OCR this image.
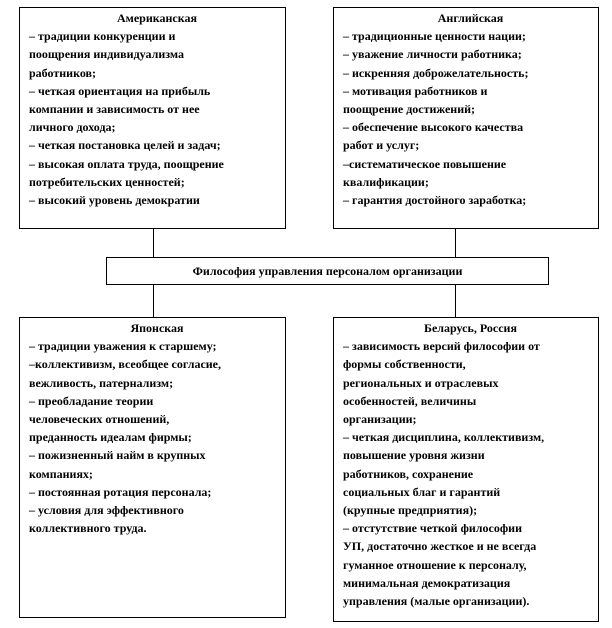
Американская
– традиции конкуренции и
поощрения индивидуализма
работников;
– четкая ориентация на прибыль
компании и зависимость от нее
личного дохода;
– четкая постановка целей и задач;
– высокая оплата труда, поощрение
потребительских ценностей;
– высокий уровень демократии
Английская
– традиционные ценности нации;
– уважение личности работника;
– искренняя доброжелательность;
– мотивация работников и
поощрение достижений;
– обеспечение высокого качества
работ и услуг;
–систематическое повышение
квалификации;
– гарантия достойного заработка;
Философия управления персоналом организации
Японская
– традиции уважения к старшему;
–коллективизм, всеобщее согласие,
вежливость, патернализм;
– преобладание теории
человеческих отношений,
преданность идеалам фирмы;
– пожизненный найм в крупных
компаниях;
– постоянная ротация персонала;
– условия для эффективного
коллективного труда.
Беларусь, Россия
– зависимость версий философии от
формы собственности,
региональных и отраслевых
особенностей, величины
организации;
– четкая дисциплина, коллективизм,
повышение уровня жизни
работников, сохранение
социальных благ и гарантий
(крупные предприятия);
– отстутствие четкой философии
УП, достаточно жесткое и не всегда
гуманное отношение к персоналу,
минимальная демократизация
управления (малые организации).
